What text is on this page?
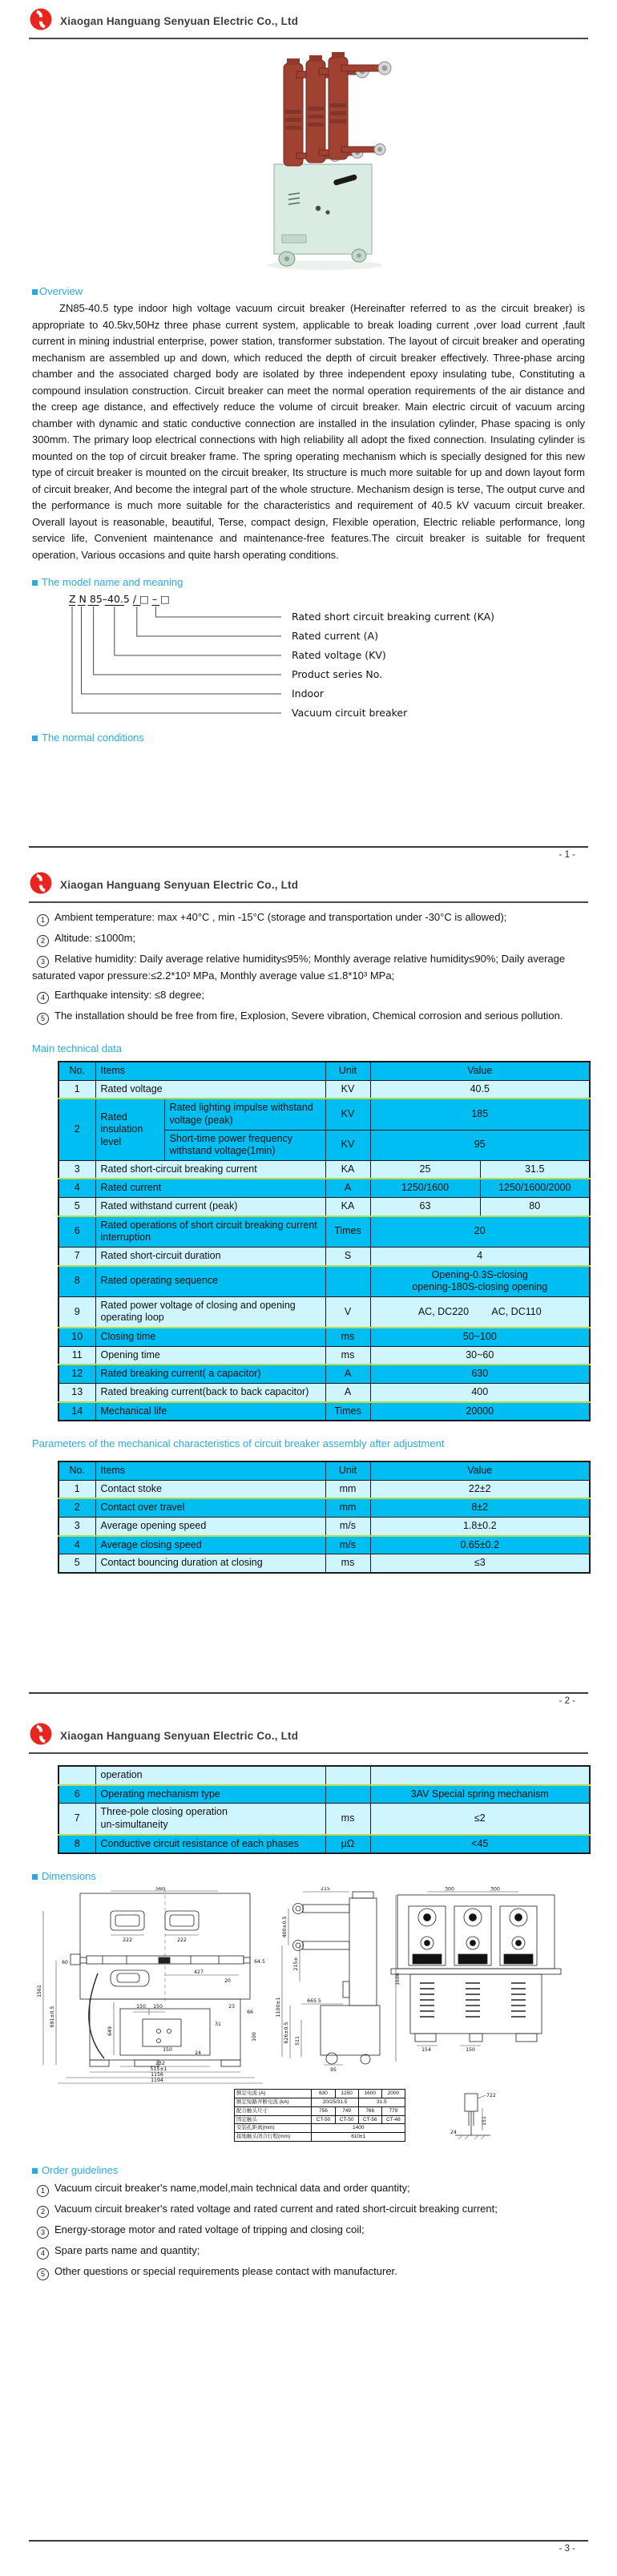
Xiaogan Hanguang Senyuan Electric Co., Ltd
Overview

ZN85-40.5 type indoor high voltage vacuum circuit breaker (Hereinafter referred to as the circuit breaker) is appropriate to 40.5kv,50Hz three phase current system, applicable to break loading current ,over load current ,fault current in mining industrial enterprise, power station, transformer substation. The layout of circuit breaker and operating mechanism are assembled up and down, which reduced the depth of circuit breaker effectively. Three-phase arcing chamber and the associated charged body are isolated by three independent epoxy insulating tube, Constituting a compound insulation construction. Circuit breaker can meet the normal operation requirements of the air distance and the creep age distance, and effectively reduce the volume of circuit breaker. Main electric circuit of vacuum arcing chamber with dynamic and static conductive connection are installed in the insulation cylinder, Phase spacing is only 300mm. The primary loop electrical connections with high reliability all adopt the fixed connection. Insulating cylinder is mounted on the top of circuit breaker frame. The spring operating mechanism which is specially designed for this new type of circuit breaker is mounted on the circuit breaker, Its structure is much more suitable for up and down layout form of circuit breaker, And become the integral part of the whole structure. Mechanism design is terse, The output curve and the performance is much more suitable for the characteristics and requirement of 40.5 kV vacuum circuit breaker. Overall layout is reasonable, beautiful, Terse, compact design, Flexible operation, Electric reliable performance, long service life, Convenient maintenance and maintenance-free features.The circuit breaker is suitable for frequent operation, Various occasions and quite harsh operating conditions.

The model name and meaning
Z N 85–40.5 / □ – □
Rated short circuit breaking current (KA)
Rated current (A)
Rated voltage (KV)
Product series No.
Indoor
Vacuum circuit breaker
The normal conditions
- 1 -
Xiaogan Hanguang Senyuan Electric Co., Ltd
1 Ambient temperature: max +40°C , min -15°C (storage and transportation under -30°C is allowed);
2 Altitude: ≤1000m;
3 Relative humidity: Daily average relative humidity≤95%; Monthly average relative humidity≤90%; Daily average saturated vapor pressure:≤2.2*10³ MPa, Monthly average value ≤1.8*10³ MPa;
4 Earthquake intensity: ≤8 degree;
5 The installation should be free from fire, Explosion, Severe vibration, Chemical corrosion and serious pollution.
Main technical data
No.	Items		Unit	Value	
1	Rated voltage		KV	40.5	
2	Rated insulation level	Rated lighting impulse withstand voltage (peak)	KV	185	
		Short-time power frequency withstand voltage(1min)	KV	95	
3	Rated short-circuit breaking current		KA	25	31.5
4	Rated current		A	1250/1600	1250/1600/2000
5	Rated withstand current (peak)		KA	63	80
6	Rated operations of short circuit breaking current interruption		Times	20	
7	Rated short-circuit duration		S	4	
8	Rated operating sequence			Opening-0.3S-closing
opening-180S-closing opening	

9	Rated power voltage of closing and opening operating loop		V	AC, DC220 AC, DC110	
10	Closing time		ms	50~100	
11	Opening time		ms	30~60	
12	Rated breaking current( a capacitor)		A	630	
13	Rated breaking current(back to back capacitor)		A	400	
14	Mechanical life		Times	20000	
Parameters of the mechanical characteristics of circuit breaker assembly after adjustment
No.	Items	Unit	Value
1	Contact stoke	mm	22±2
2	Contact over travel	mm	8±2
3	Average opening speed	m/s	1.8±0.2
4	Average closing speed	m/s	0.65±0.2
5	Contact bouncing duration at closing	ms	≤3
- 2 -
Xiaogan Hanguang Senyuan Electric Co., Ltd
	operation		
6	Operating mechanism type		3AV Special spring mechanism
7	Three-pole closing operation
un-simultaneity	ms	≤2
8	Conductive circuit resistance of each phases	μΩ	<45
Dimensions
560
222	222
427
20
64.5
1561
60
691±0.5
649
150 150	23
66
100
31
24
150
232
515±1
1156
1194
215
400±0.5
215±
1100±1	665.5
626±0.5 511
95
1686
300	300
154	150
722
151
24
额定电流 (A)	630	1250	1600	2000
额定短路开断电流 (kA)	20/25/31.5		31.5	
配合触头尺寸	756	749	766	779
固定触头	CT-50	CT-50	CT-56	CT-48
安装孔距离(mm)	1400			
接地触头闭合行程(mm)	610±1			
Order guidelines
1 Vacuum circuit breaker's name,model,main technical data and order quantity;
2 Vacuum circuit breaker's rated voltage and rated current and rated short-circuit breaking current;
3 Energy-storage motor and rated voltage of tripping and closing coil;
4 Spare parts name and quantity;
5 Other questions or special requirements please contact with manufacturer.
- 3 -
